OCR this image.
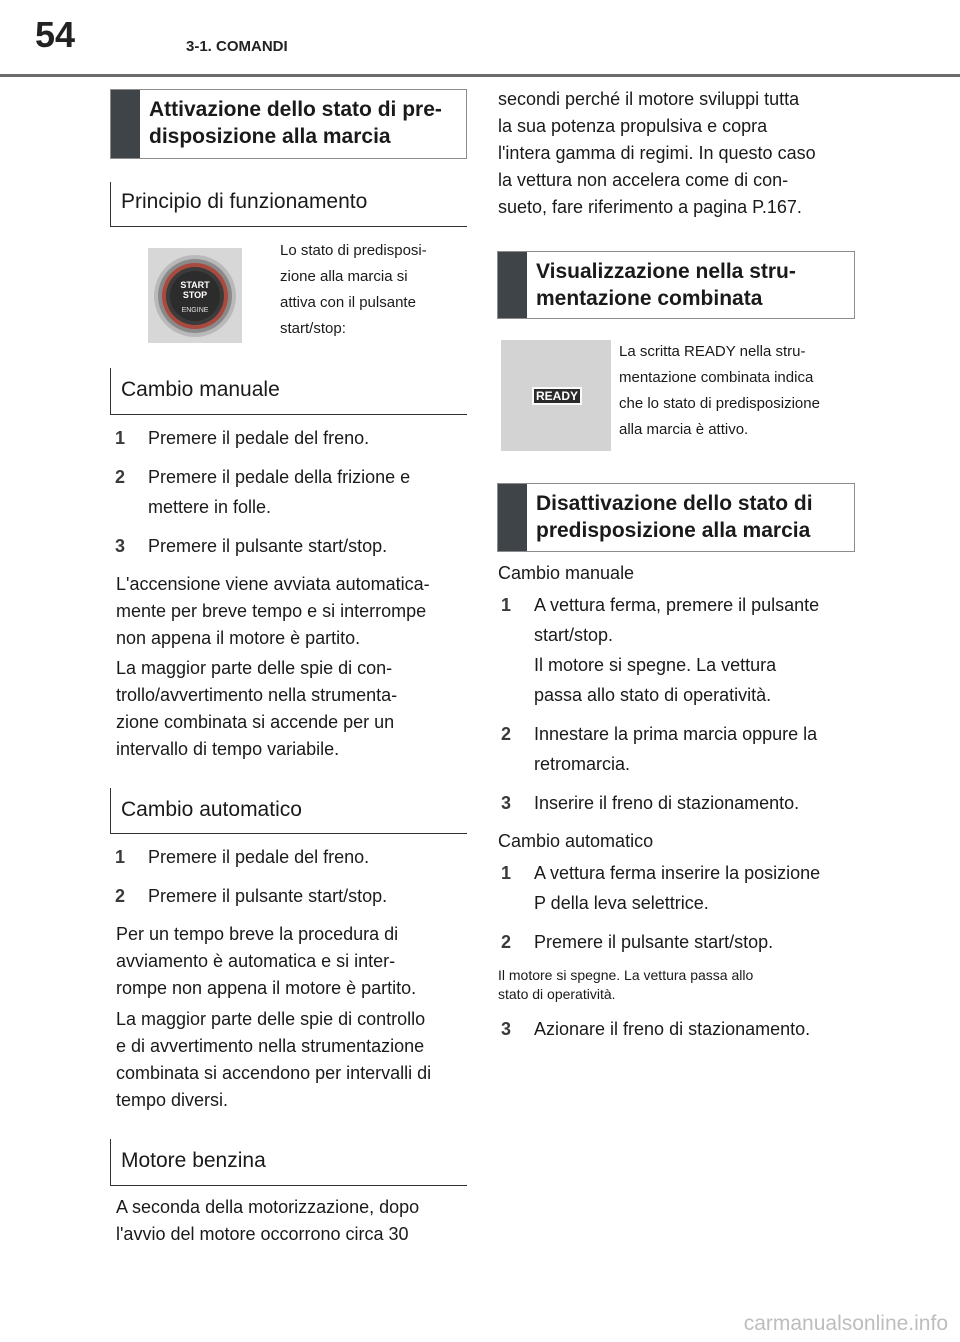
54	3-1. COMANDI
Attivazione dello stato di pre-disposizione alla marcia
Principio di funzionamento
START
STOP
ENGINE
Lo stato di predisposi-
zione alla marcia si
attiva con il pulsante
start/stop:
Cambio manuale
1 Premere il pedale del freno.
2 Premere il pedale della frizione e
mettere in folle.
3 Premere il pulsante start/stop.
L'accensione viene avviata automatica-
mente per breve tempo e si interrompe
non appena il motore è partito.
La maggior parte delle spie di con-
trollo/avvertimento nella strumenta-
zione combinata si accende per un
intervallo di tempo variabile.
Cambio automatico
1 Premere il pedale del freno.
2 Premere il pulsante start/stop.
Per un tempo breve la procedura di
avviamento è automatica e si inter-
rompe non appena il motore è partito.
La maggior parte delle spie di controllo
e di avvertimento nella strumentazione
combinata si accendono per intervalli di
tempo diversi.
Motore benzina
A seconda della motorizzazione, dopo
l'avvio del motore occorrono circa 30
secondi perché il motore sviluppi tutta
la sua potenza propulsiva e copra
l'intera gamma di regimi. In questo caso
la vettura non accelera come di con-
sueto, fare riferimento a pagina P.167.
Visualizzazione nella stru-mentazione combinata
READY
La scritta READY nella stru-
mentazione combinata indica
che lo stato di predisposizione
alla marcia è attivo.
Disattivazione dello stato di predisposizione alla marcia
Cambio manuale
1 A vettura ferma, premere il pulsante
start/stop.
Il motore si spegne. La vettura
passa allo stato di operatività.
2 Innestare la prima marcia oppure la
retromarcia.
3 Inserire il freno di stazionamento.
Cambio automatico
1 A vettura ferma inserire la posizione
P della leva selettrice.
2 Premere il pulsante start/stop.
Il motore si spegne. La vettura passa allo
stato di operatività.
3 Azionare il freno di stazionamento.
carmanualsonline.info
